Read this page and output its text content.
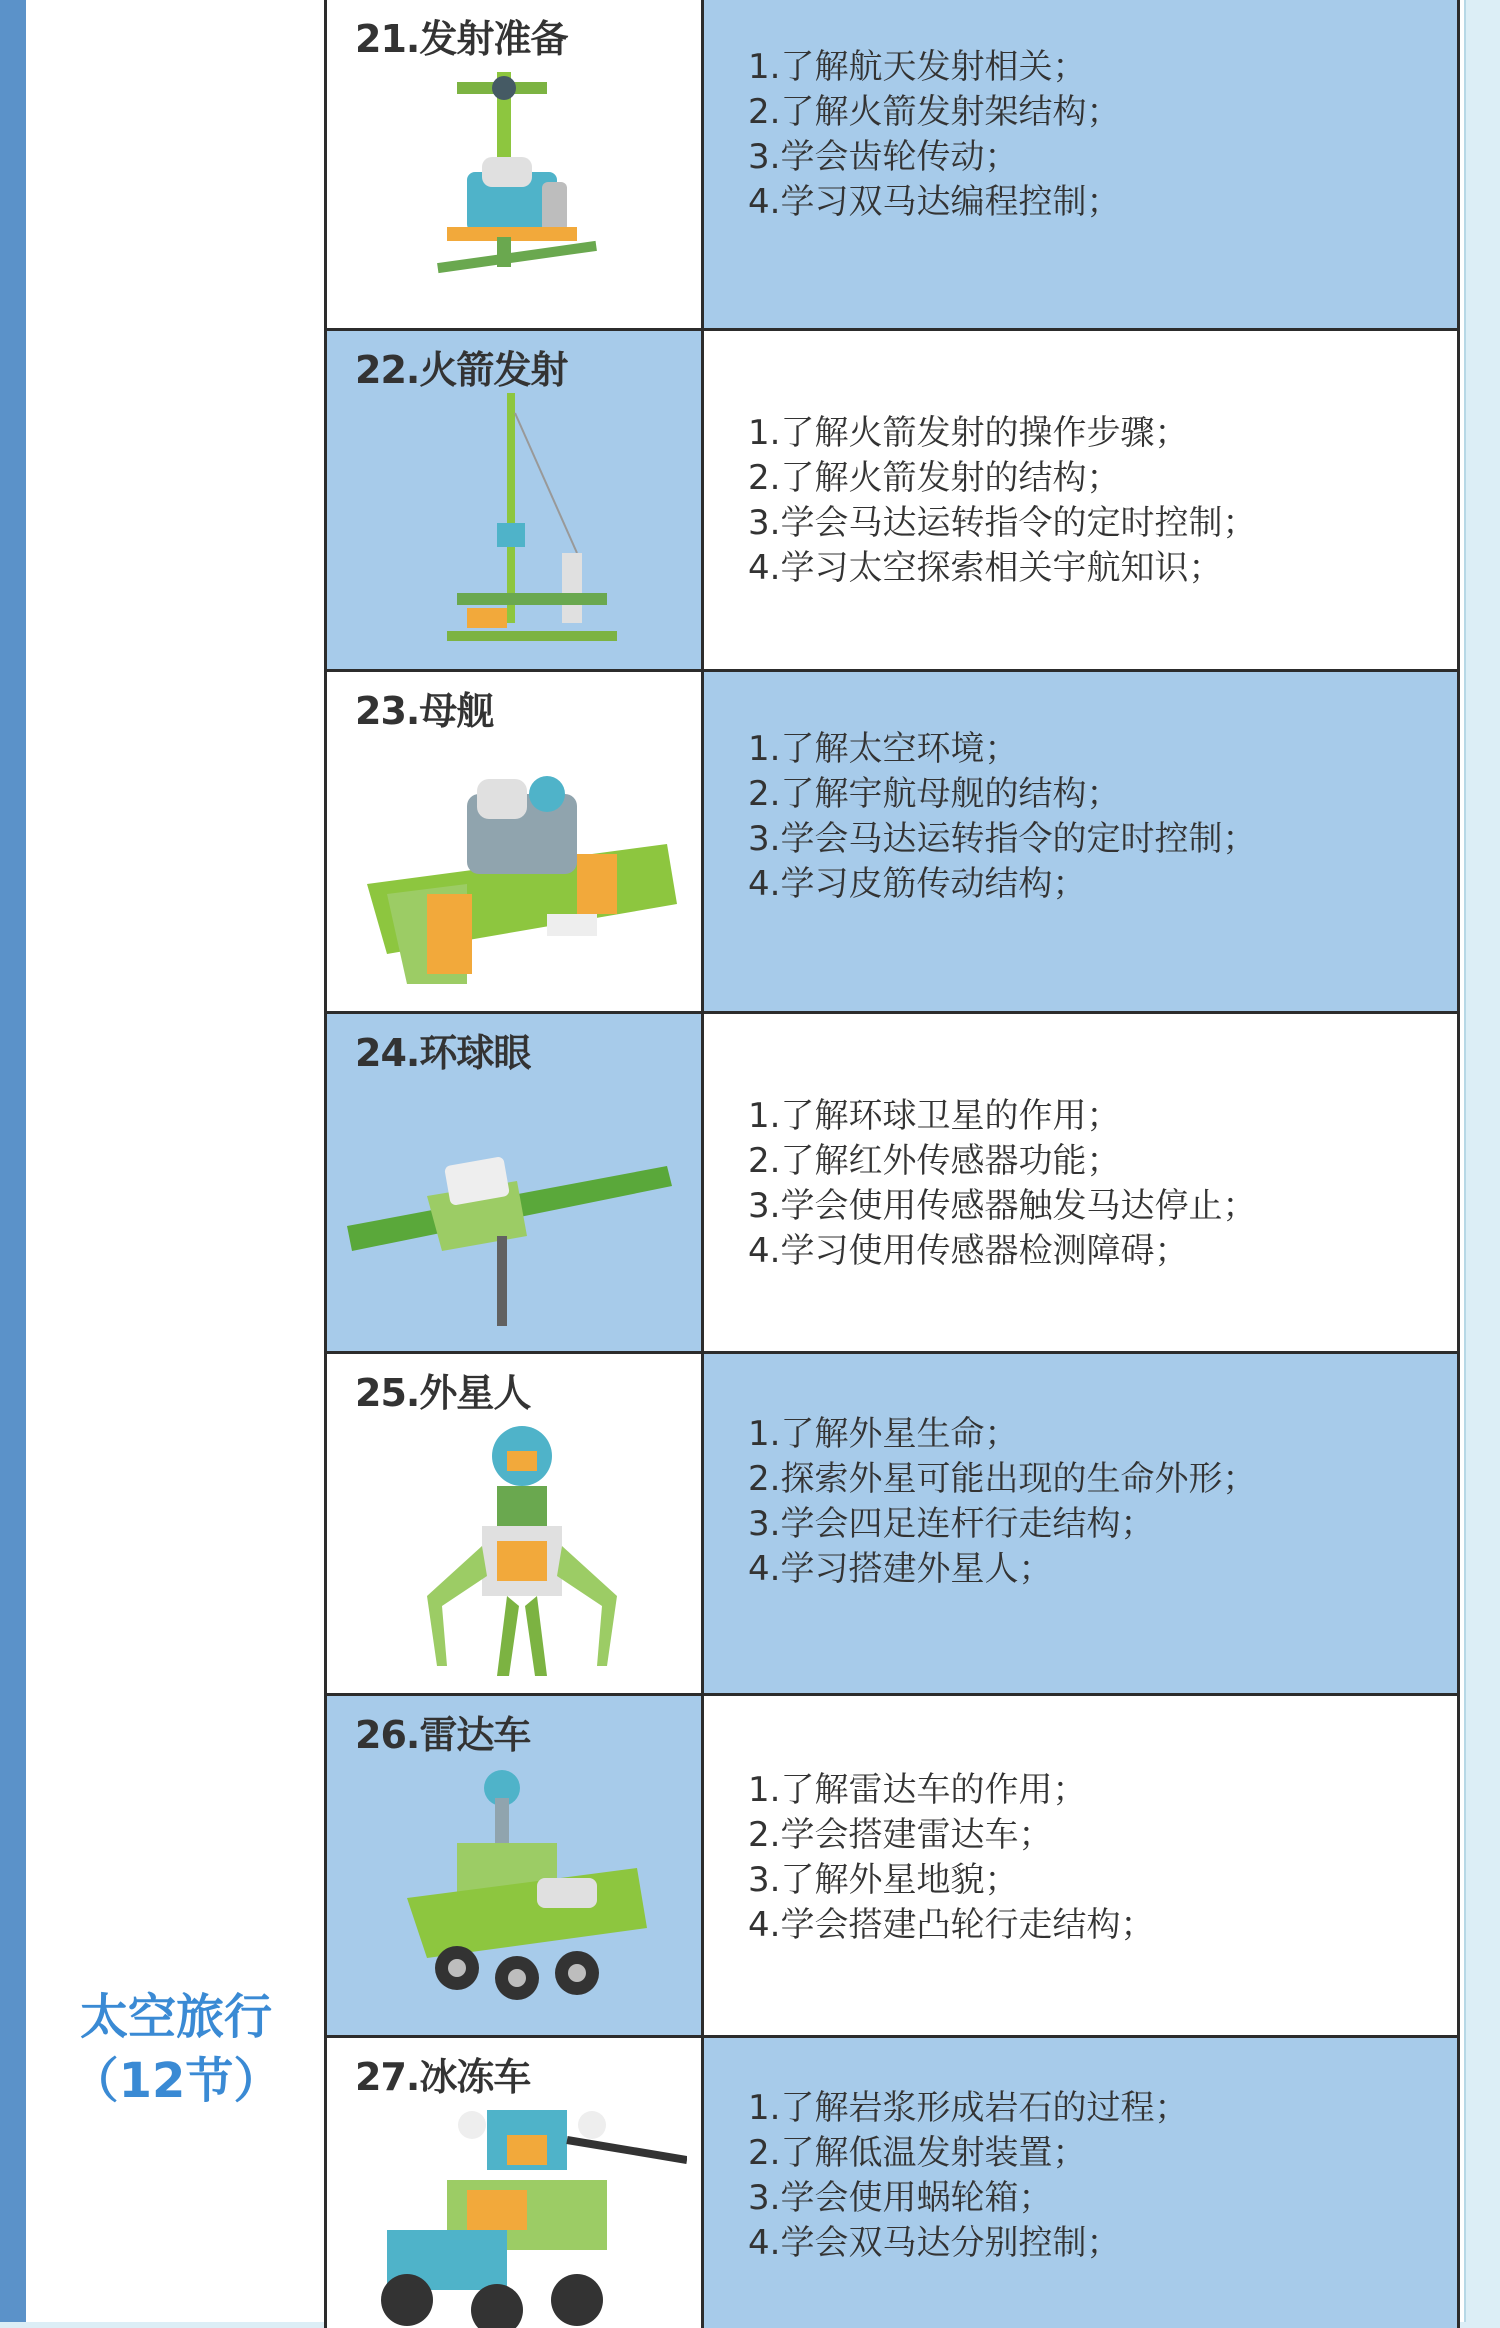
太空旅行
（12节）
21.发射准备
1.了解航天发射相关；
2.了解火箭发射架结构；
3.学会齿轮传动；
4.学习双马达编程控制；
22.火箭发射
1.了解火箭发射的操作步骤；
2.了解火箭发射的结构；
3.学会马达运转指令的定时控制；
4.学习太空探索相关宇航知识；
23.母舰
1.了解太空环境；
2.了解宇航母舰的结构；
3.学会马达运转指令的定时控制；
4.学习皮筋传动结构；
24.环球眼
1.了解环球卫星的作用；
2.了解红外传感器功能；
3.学会使用传感器触发马达停止；
4.学习使用传感器检测障碍；
25.外星人
1.了解外星生命；
2.探索外星可能出现的生命外形；
3.学会四足连杆行走结构；
4.学习搭建外星人；
26.雷达车
1.了解雷达车的作用；
2.学会搭建雷达车；
3.了解外星地貌；
4.学会搭建凸轮行走结构；
27.冰冻车
1.了解岩浆形成岩石的过程；
2.了解低温发射装置；
3.学会使用蜗轮箱；
4.学会双马达分别控制；
